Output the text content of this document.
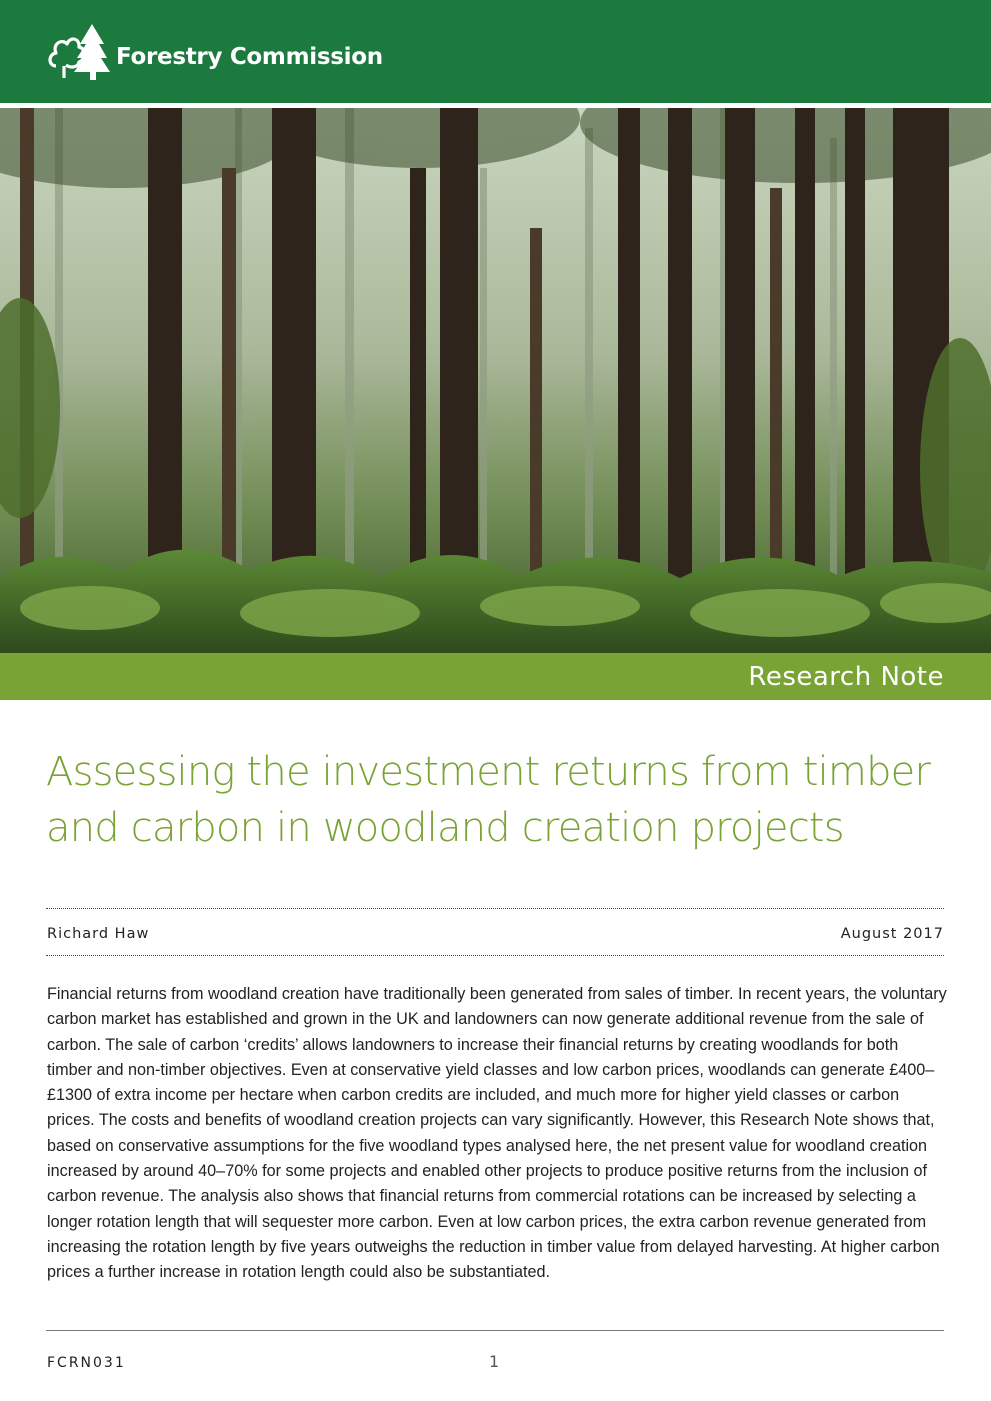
Forestry Commission
Research Note
Assessing the investment returns from timber and carbon in woodland creation projects
Richard Haw	August 2017
Financial returns from woodland creation have traditionally been generated from sales of timber. In recent years, the voluntary carbon market has established and grown in the UK and landowners can now generate additional revenue from the sale of carbon. The sale of carbon ‘credits’ allows landowners to increase their financial returns by creating woodlands for both timber and non-timber objectives. Even at conservative yield classes and low carbon prices, woodlands can generate £400–£1300 of extra income per hectare when carbon credits are included, and much more for higher yield classes or carbon prices. The costs and benefits of woodland creation projects can vary significantly. However, this Research Note shows that, based on conservative assumptions for the five woodland types analysed here, the net present value for woodland creation increased by around 40–70% for some projects and enabled other projects to produce positive returns from the inclusion of carbon revenue. The analysis also shows that financial returns from commercial rotations can be increased by selecting a longer rotation length that will sequester more carbon. Even at low carbon prices, the extra carbon revenue generated from increasing the rotation length by five years outweighs the reduction in timber value from delayed harvesting. At higher carbon prices a further increase in rotation length could also be substantiated.
FCRN031	1
